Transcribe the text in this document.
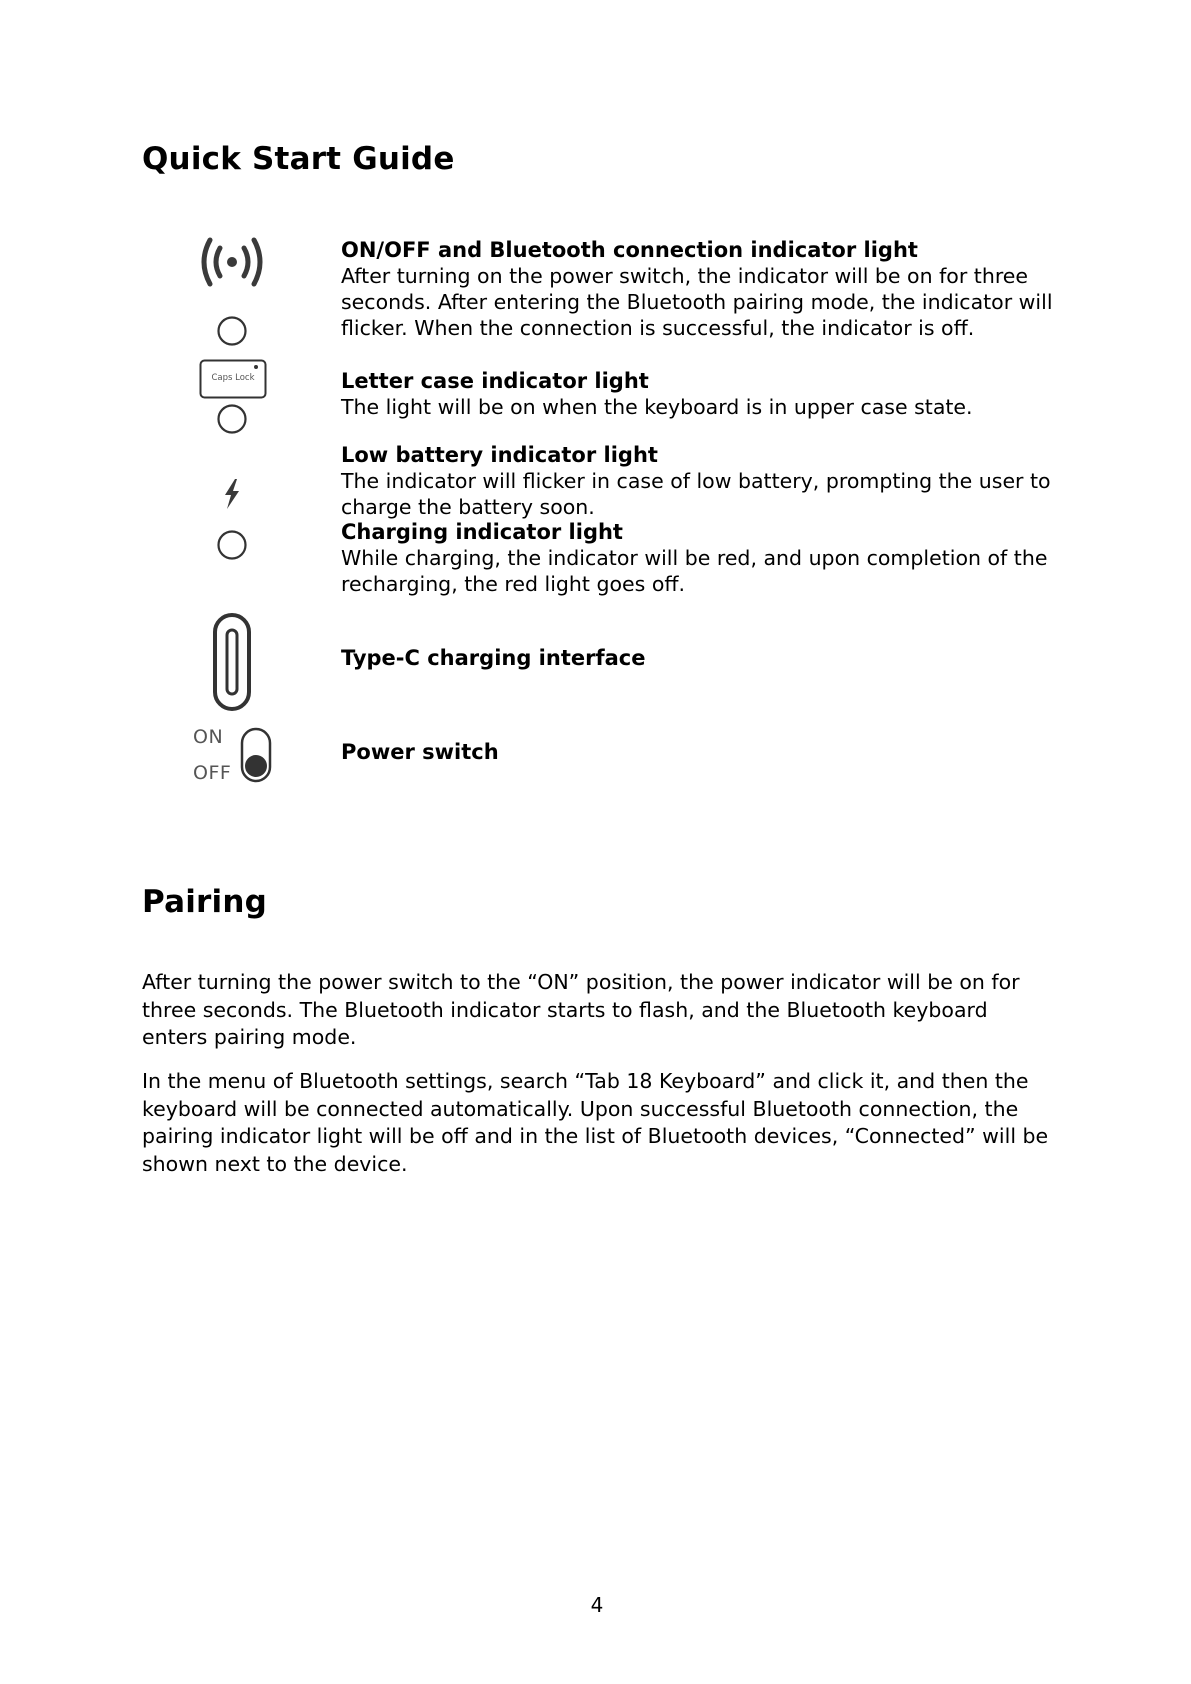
Quick Start Guide
Caps Lock
ON
OFF
ON/OFF and Bluetooth connection indicator light
After turning on the power switch, the indicator will be on for three seconds. After entering the Bluetooth pairing mode, the indicator will flicker. When the connection is successful, the indicator is off.
Letter case indicator light
The light will be on when the keyboard is in upper case state.
Low battery indicator light
The indicator will flicker in case of low battery, prompting the user to charge the battery soon.
Charging indicator light
While charging, the indicator will be red, and upon completion of the recharging, the red light goes off.
Type-C charging interface
Power switch
Pairing
After turning the power switch to the “ON” position, the power indicator will be on for three seconds. The Bluetooth indicator starts to flash, and the Bluetooth keyboard enters pairing mode.
In the menu of Bluetooth settings, search “Tab 18 Keyboard” and click it, and then the keyboard will be connected automatically. Upon successful Bluetooth connection, the pairing indicator light will be off and in the list of Bluetooth devices, “Connected” will be shown next to the device.
4
